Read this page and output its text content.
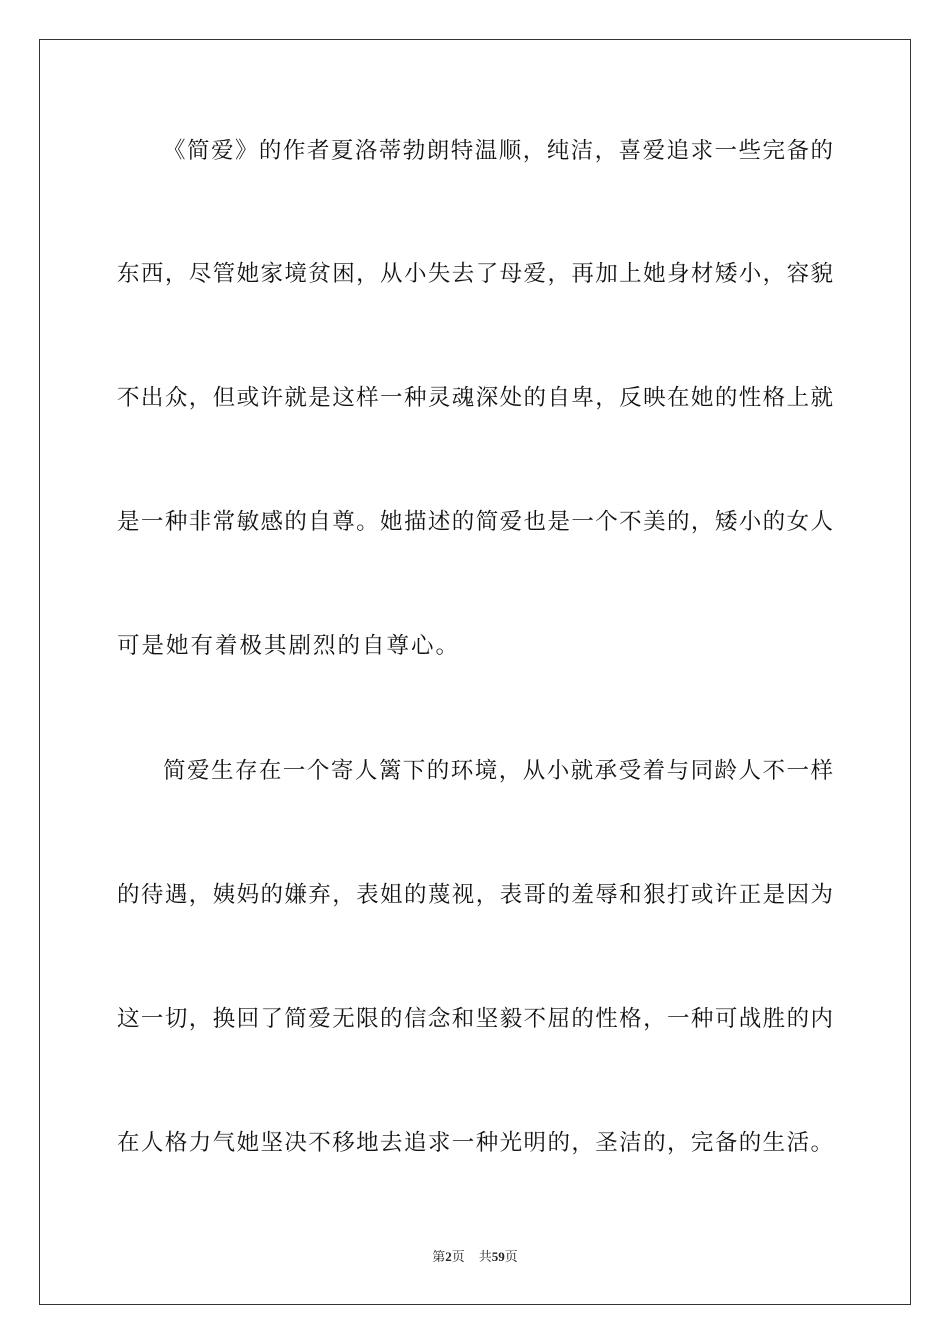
《简爱》的作者夏洛蒂勃朗特温顺，纯洁，喜爱追求一些完备的
东西，尽管她家境贫困，从小失去了母爱，再加上她身材矮小，容貌
不出众，但或许就是这样一种灵魂深处的自卑，反映在她的性格上就
是一种非常敏感的自尊。她描述的简爱也是一个不美的，矮小的女人
可是她有着极其剧烈的自尊心。
简爱生存在一个寄人篱下的环境，从小就承受着与同龄人不一样
的待遇，姨妈的嫌弃，表姐的蔑视，表哥的羞辱和狠打或许正是因为
这一切，换回了简爱无限的信念和坚毅不屈的性格，一种可战胜的内
在人格力气她坚决不移地去追求一种光明的，圣洁的，完备的生活。
第2页 共59页
